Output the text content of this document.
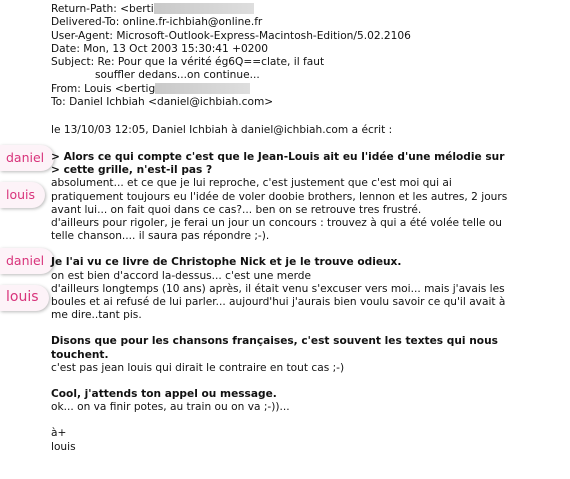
Return-Path: <berti
Delivered-To: online.fr-ichbiah@online.fr
User-Agent: Microsoft-Outlook-Express-Macintosh-Edition/5.02.2106
Date: Mon, 13 Oct 2003 15:30:41 +0200
Subject: Re: Pour que la vérité ég6Q==clate, il faut
souffler dedans...on continue...
From: Louis <bertig
To: Daniel Ichbiah <daniel@ichbiah.com>
le 13/10/03 12:05, Daniel Ichbiah à daniel@ichbiah.com a écrit :
daniel
louis
daniel
louis
> Alors ce qui compte c'est que le Jean-Louis ait eu l'idée d'une mélodie sur
> cette grille, n'est-il pas ?
absolument... et ce que je lui reproche, c'est justement que c'est moi qui ai
pratiquement toujours eu l'idée de voler doobie brothers, lennon et les autres, 2 jours
avant lui... on fait quoi dans ce cas?... ben on se retrouve tres frustré.
d'ailleurs pour rigoler, je ferai un jour un concours : trouvez à qui a été volée telle ou
telle chanson.... il saura pas répondre ;-).
Je l'ai vu ce livre de Christophe Nick et je le trouve odieux.
on est bien d'accord la-dessus... c'est une merde
d'ailleurs longtemps (10 ans) après, il était venu s'excuser vers moi... mais j'avais les
boules et ai refusé de lui parler... aujourd'hui j'aurais bien voulu savoir ce qu'il avait à
me dire..tant pis.
Disons que pour les chansons françaises, c'est souvent les textes qui nous
touchent.
c'est pas jean louis qui dirait le contraire en tout cas ;-)
Cool, j'attends ton appel ou message.
ok... on va finir potes, au train ou on va ;-))...
à+
louis
